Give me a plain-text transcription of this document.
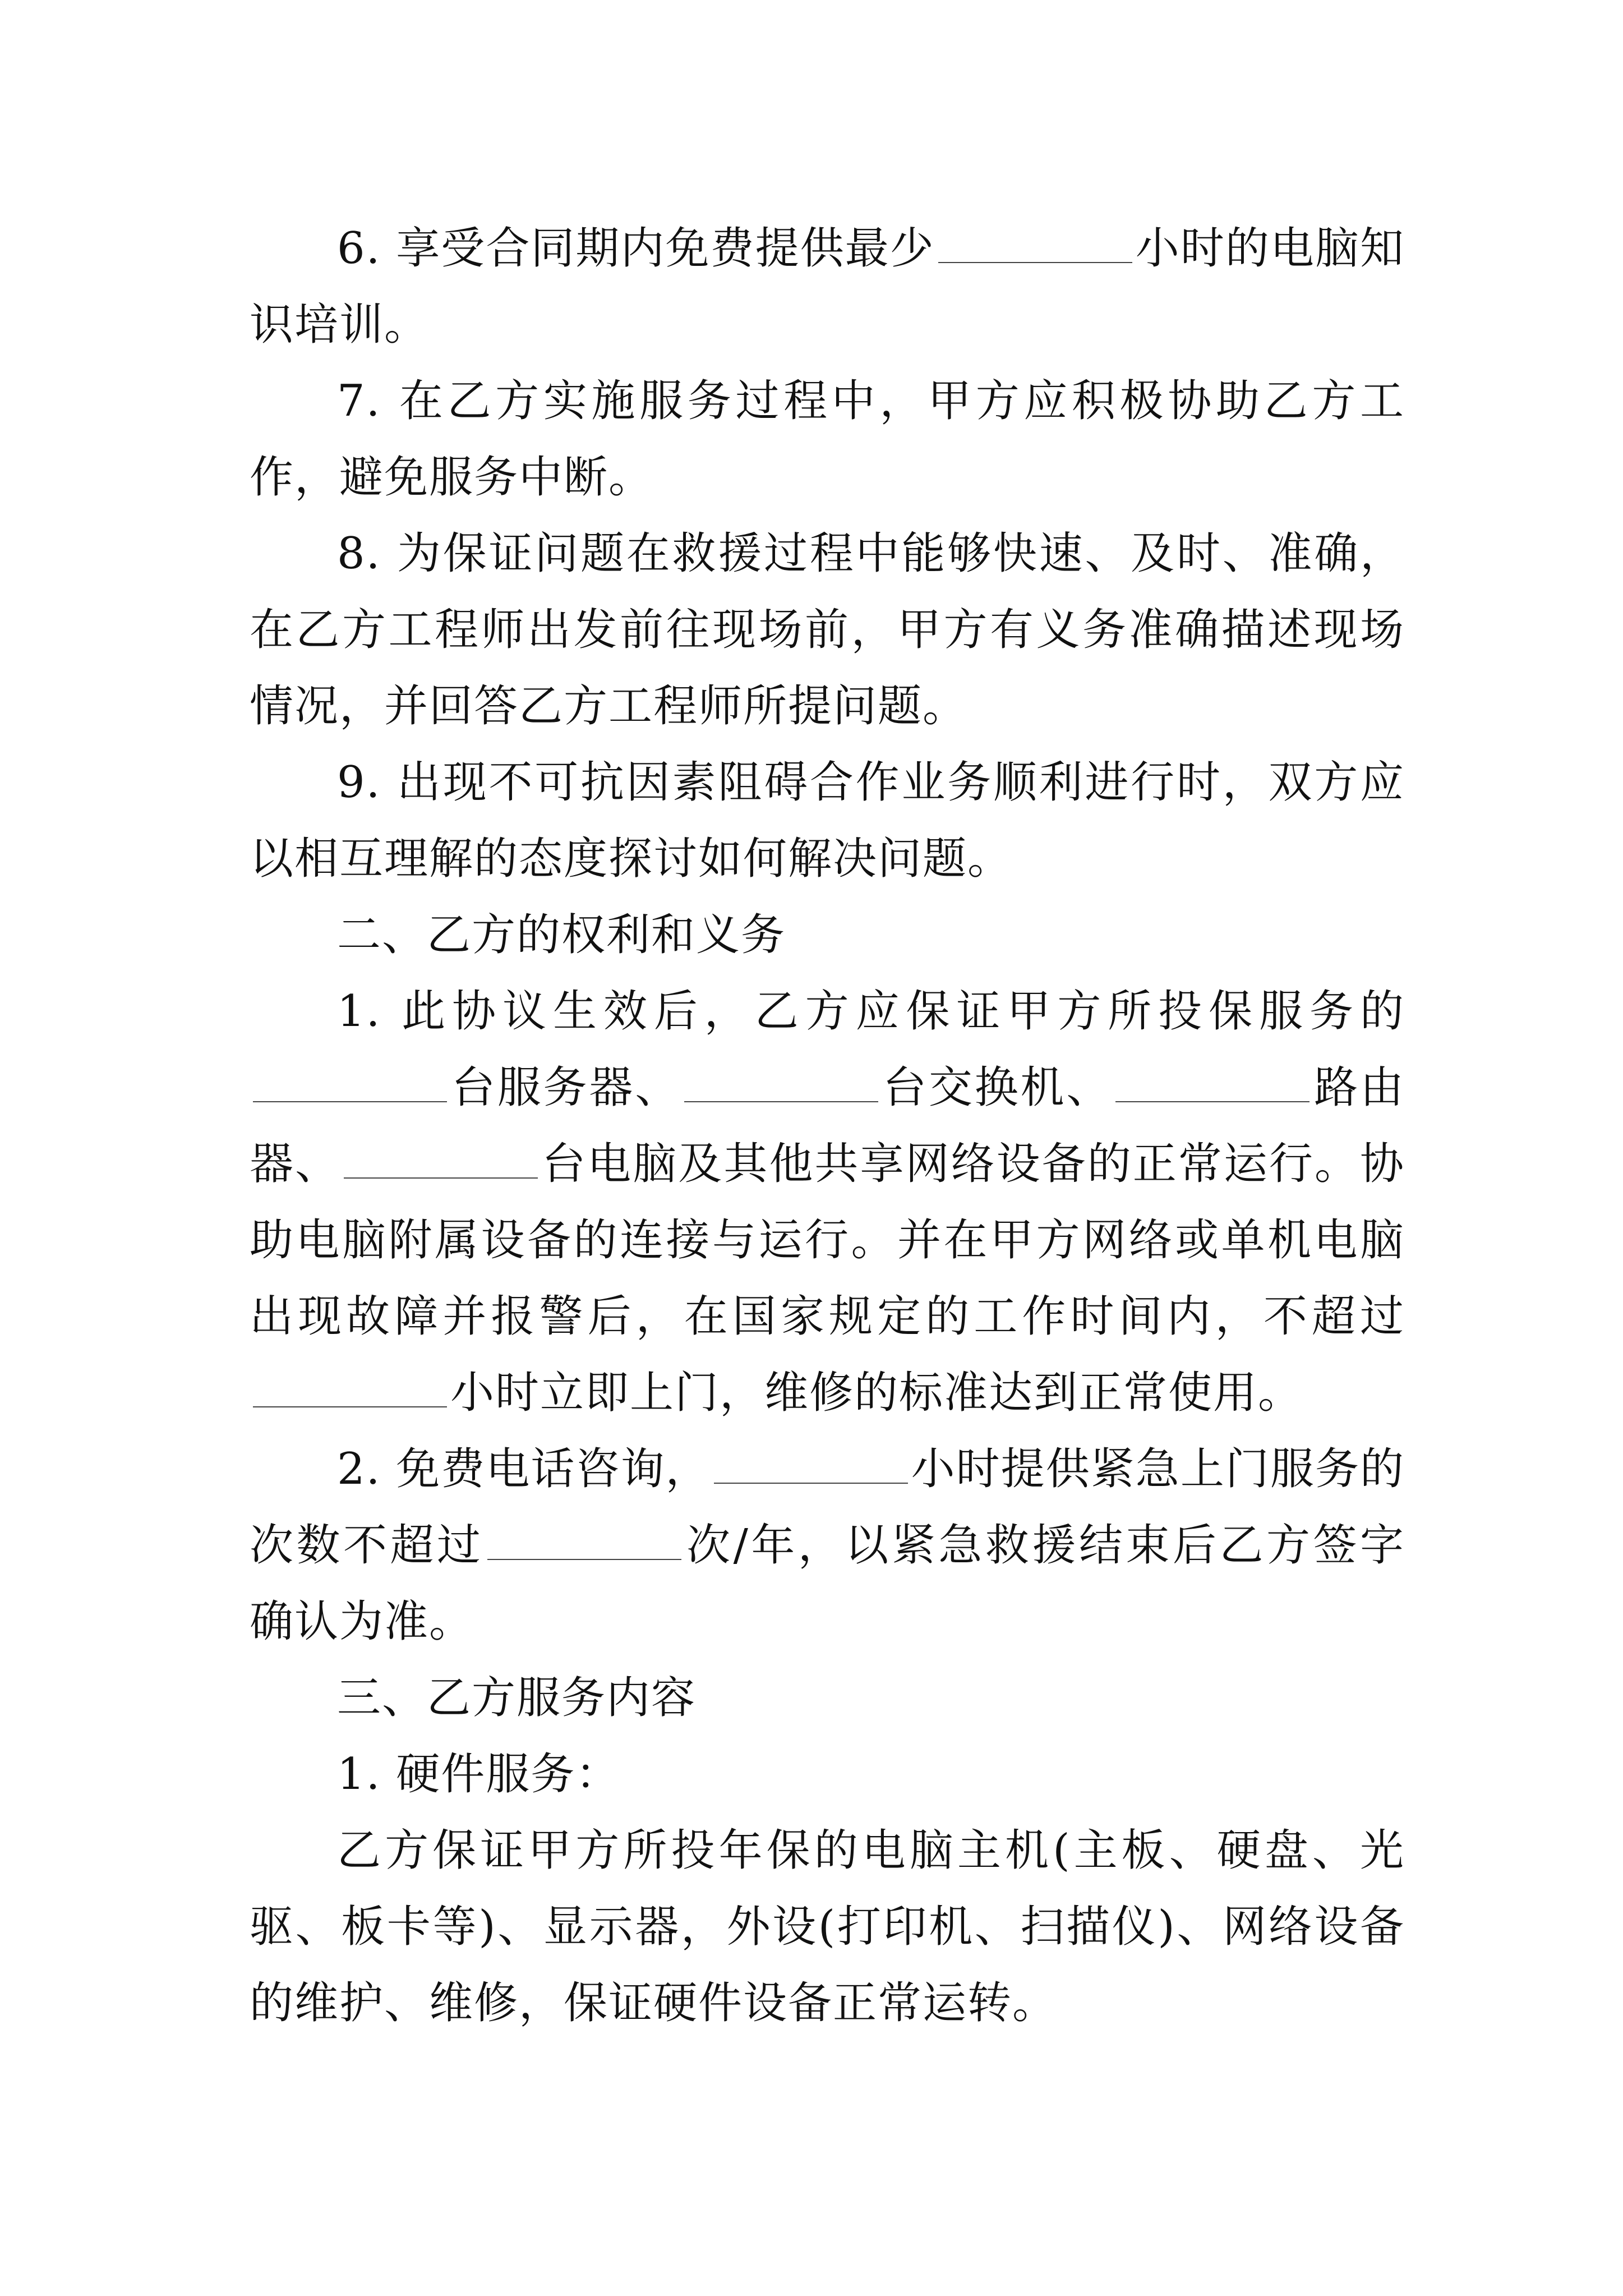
6. 享受合同期内免费提供最少	小时的电脑知识培训。

7. 在乙方实施服务过程中，甲方应积极协助乙方工作，避免服务中断。

8. 为保证问题在救援过程中能够快速、及时、准确，在乙方工程师出发前往现场前，甲方有义务准确描述现场情况，并回答乙方工程师所提问题。

9. 出现不可抗因素阻碍合作业务顺利进行时，双方应以相互理解的态度探讨如何解决问题。

二、乙方的权利和义务

1. 此协议生效后，乙方应保证甲方所投保服务的台服务器、	台交换机、	路由器、	台电脑及其他共享网络设备的正常运行。协助电脑附属设备的连接与运行。并在甲方网络或单机电脑出现故障并报警后，在国家规定的工作时间内，不超过小时立即上门，维修的标准达到正常使用。

2. 免费电话咨询，	小时提供紧急上门服务的次数不超过	次/年，以紧急救援结束后乙方签字确认为准。

三、乙方服务内容

1. 硬件服务：

乙方保证甲方所投年保的电脑主机(主板、硬盘、光驱、板卡等)、显示器，外设(打印机、扫描仪)、网络设备的维护、维修，保证硬件设备正常运转。
